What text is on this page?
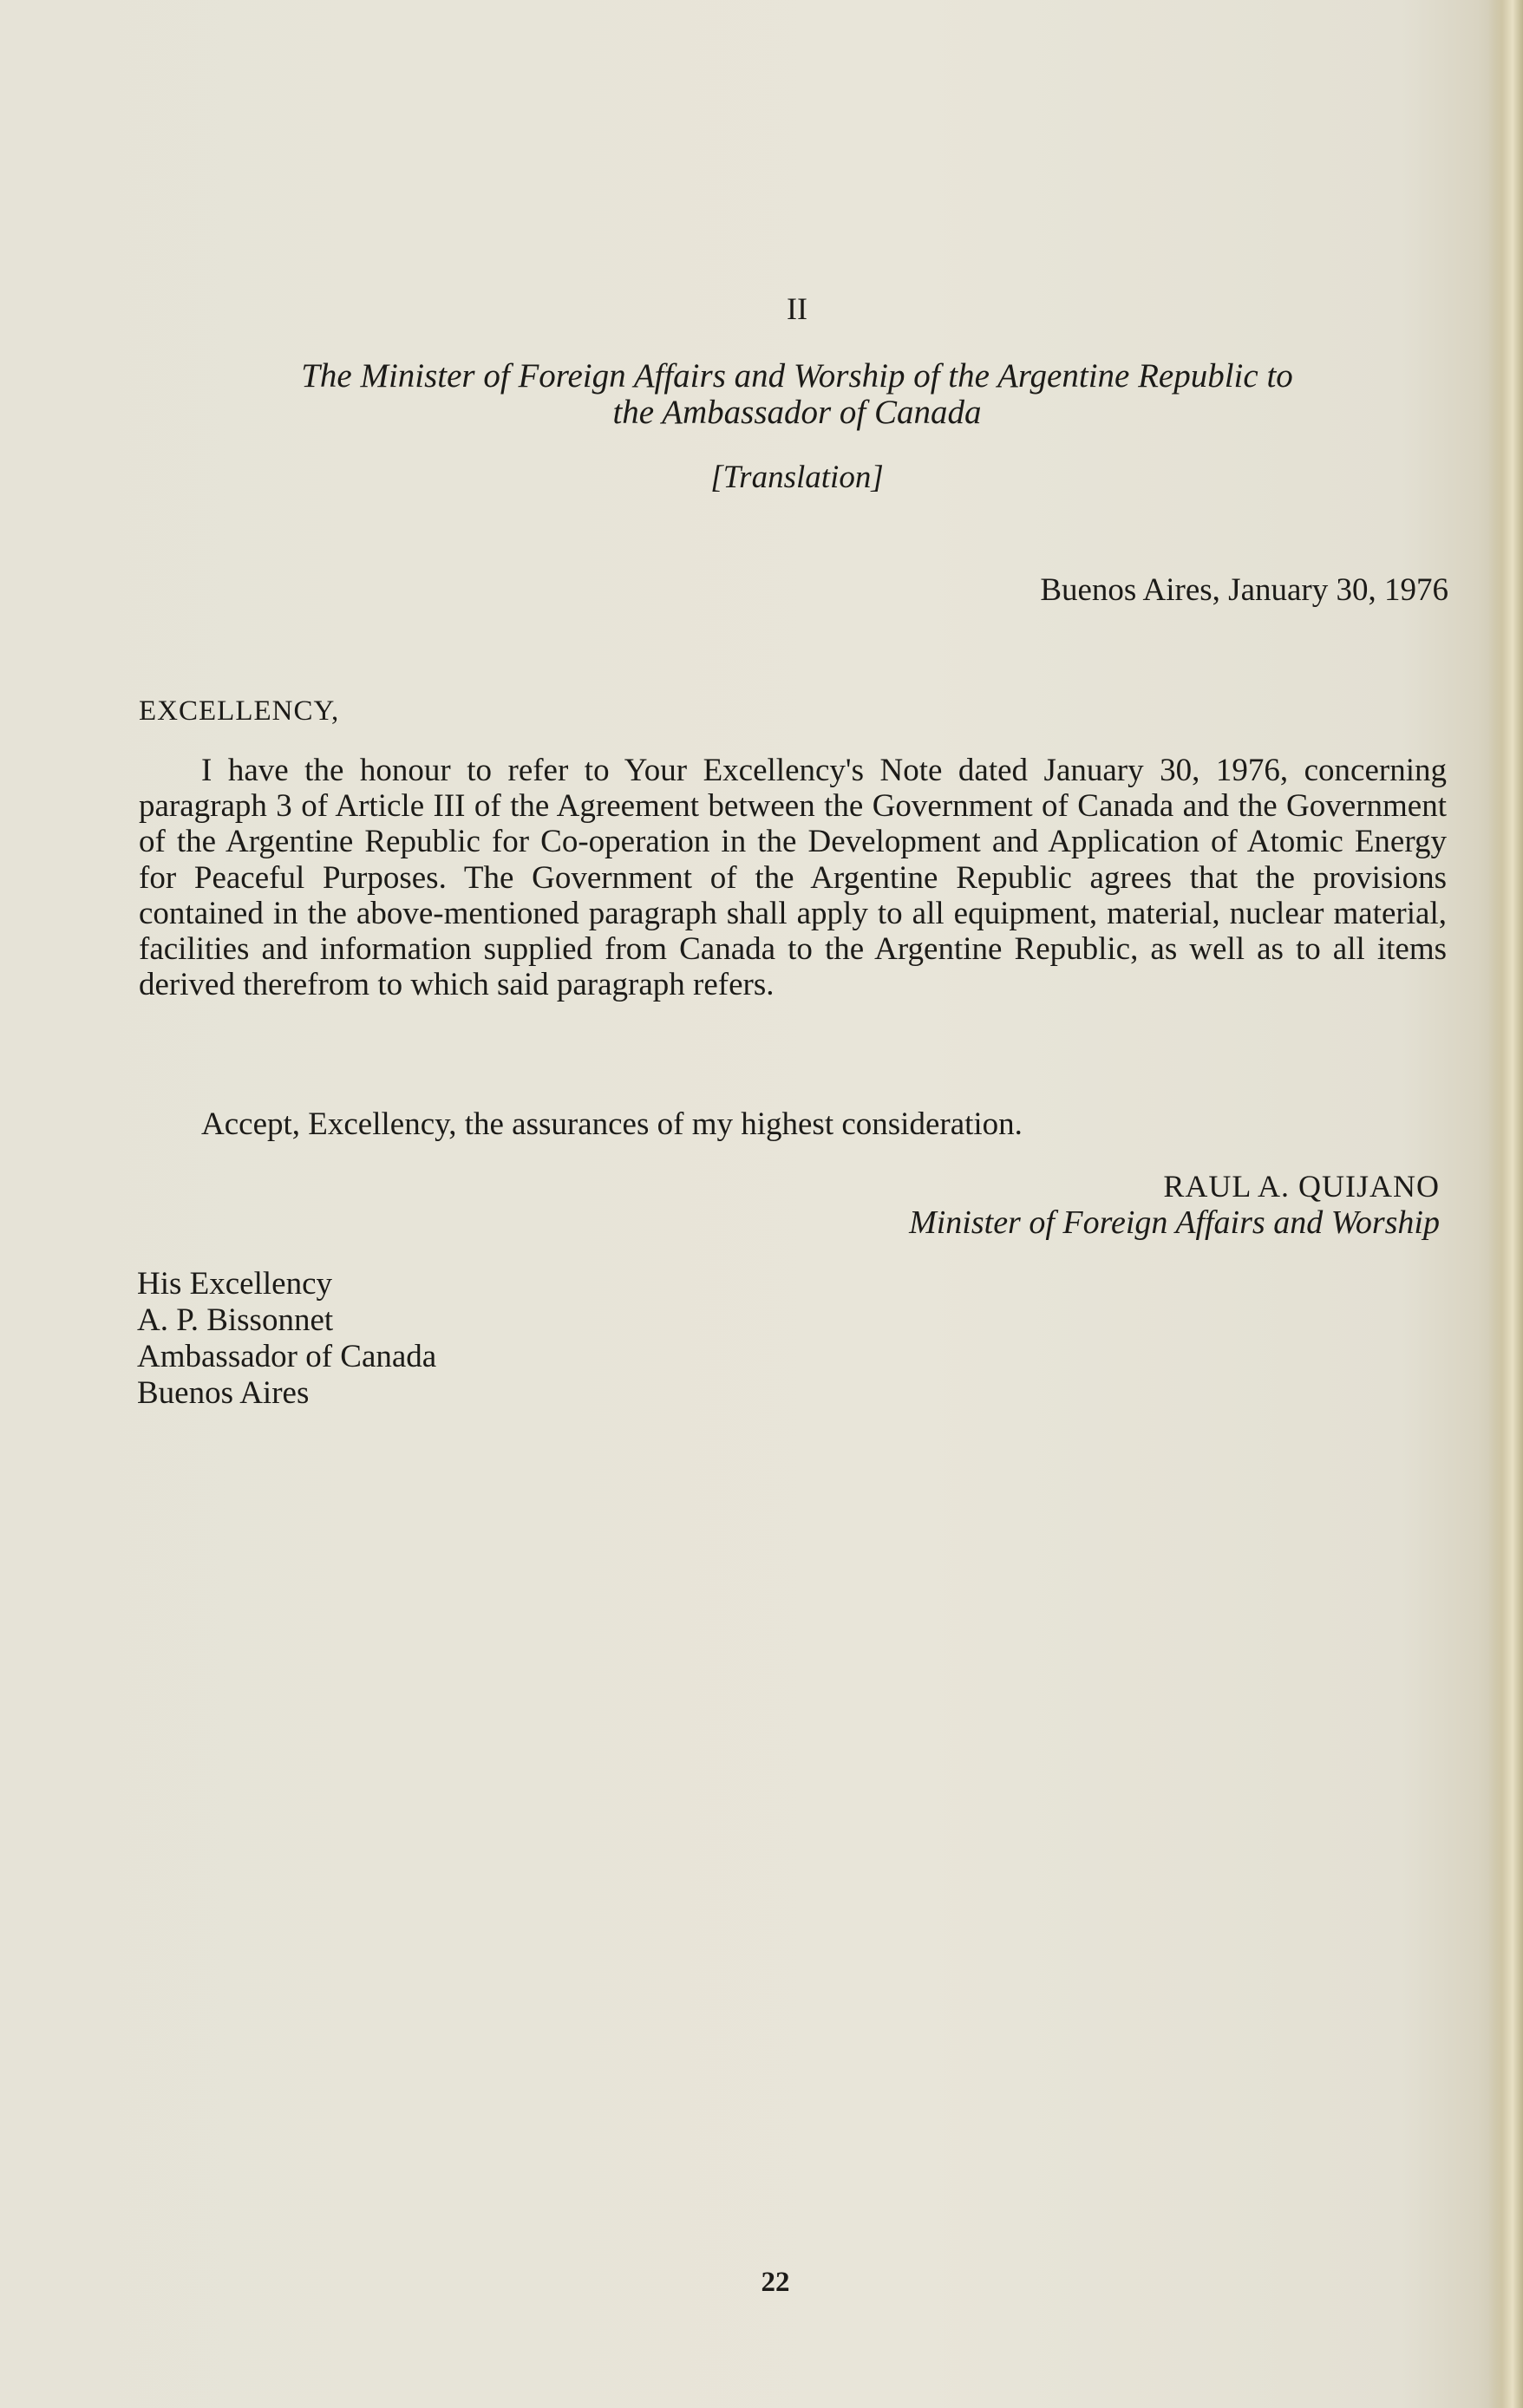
II
The Minister of Foreign Affairs and Worship of the Argentine Republic to
the Ambassador of Canada
[Translation]
Buenos Aires, January 30, 1976
EXCELLENCY,

I have the honour to refer to Your Excellency's Note dated January 30, 1976, concerning paragraph 3 of Article III of the Agreement between the Government of Canada and the Government of the Argentine Republic for Co-operation in the Development and Application of Atomic Energy for Peaceful Purposes. The Government of the Argentine Republic agrees that the provisions contained in the above-mentioned paragraph shall apply to all equipment, material, nuclear material, facilities and information supplied from Canada to the Argentine Republic, as well as to all items derived therefrom to which said paragraph refers.

Accept, Excellency, the assurances of my highest consideration.
RAUL A. QUIJANO
Minister of Foreign Affairs and Worship
His Excellency
A. P. Bissonnet
Ambassador of Canada
Buenos Aires
22
